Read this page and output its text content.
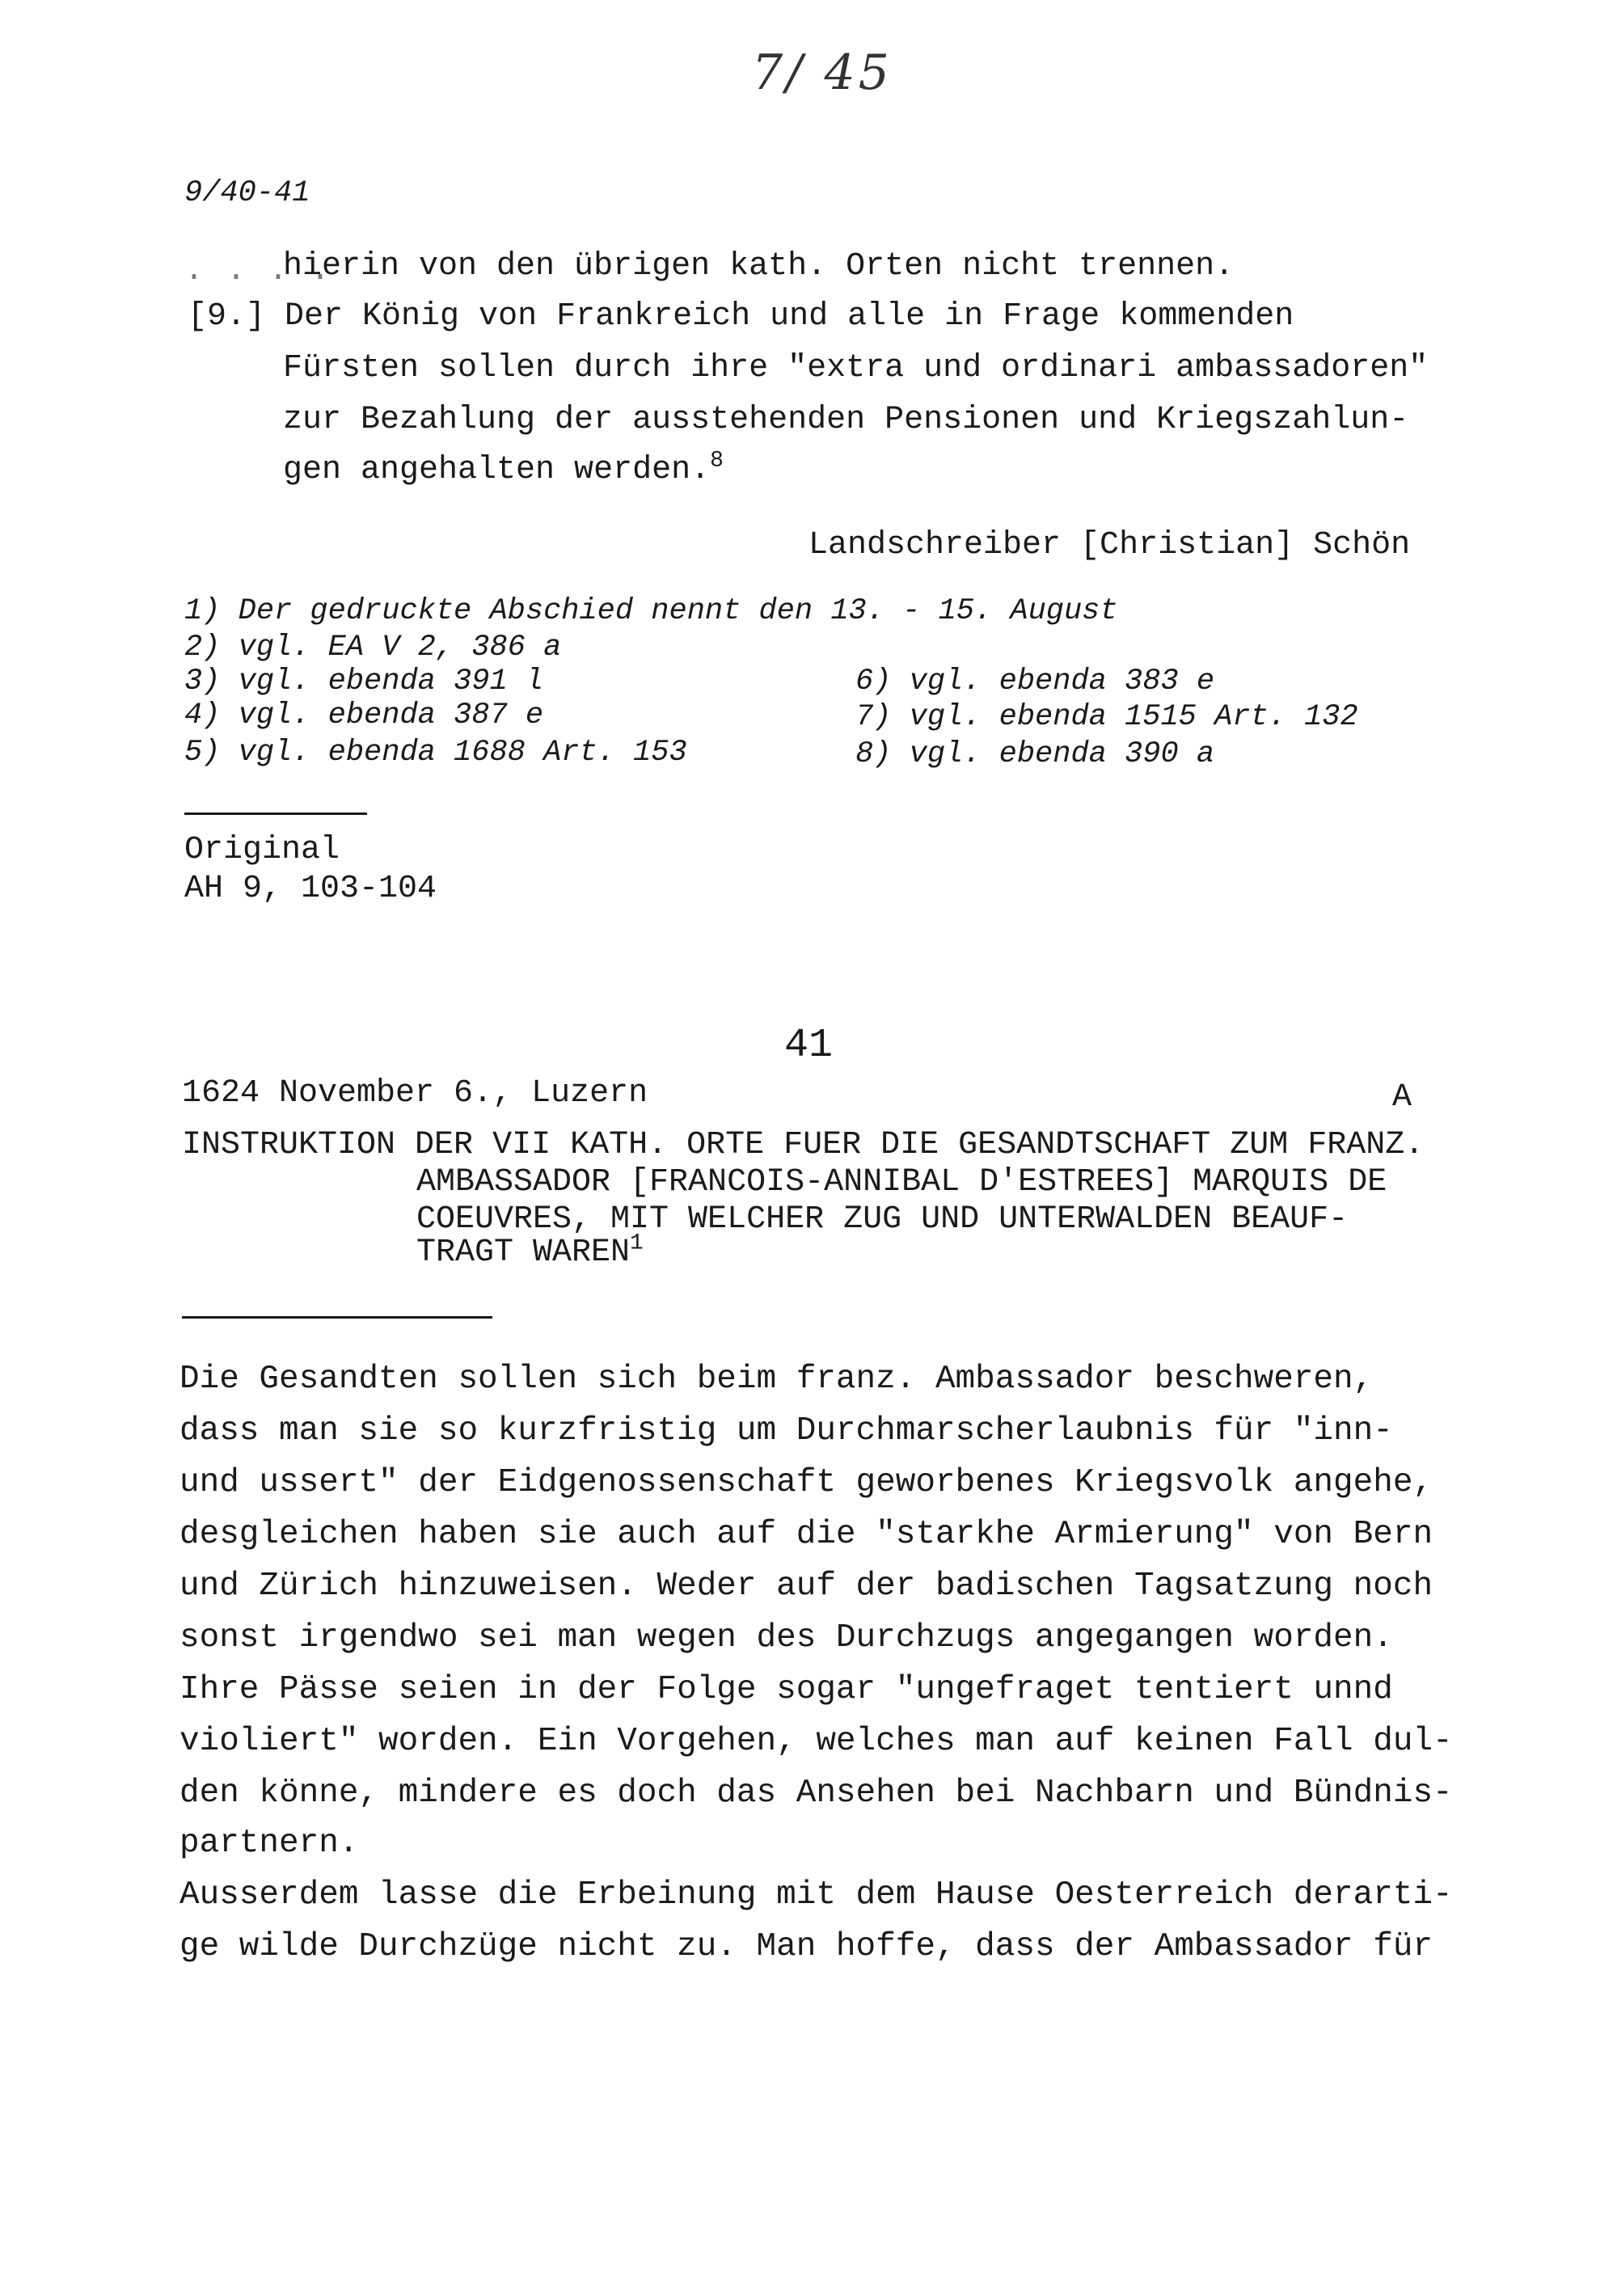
7/ 45
9/40-41
. . . .
hierin von den übrigen kath. Orten nicht trennen.
[9.] Der König von Frankreich und alle in Frage kommenden
Fürsten sollen durch ihre "extra und ordinari ambassadoren"
zur Bezahlung der ausstehenden Pensionen und Kriegszahlun-
gen angehalten werden.$^8$
Landschreiber [Christian] Schön
1) Der gedruckte Abschied nennt den 13. - 15. August
2) vgl. EA V 2, 386 a
3) vgl. ebenda 391 l
4) vgl. ebenda 387 e
5) vgl. ebenda 1688 Art. 153
6) vgl. ebenda 383 e
7) vgl. ebenda 1515 Art. 132
8) vgl. ebenda 390 a
Original
AH 9, 103-104
41
1624 November 6., Luzern	A
INSTRUKTION DER VII KATH. ORTE FUER DIE GESANDTSCHAFT ZUM FRANZ.
AMBASSADOR [FRANCOIS-ANNIBAL D'ESTREES] MARQUIS DE
COEUVRES, MIT WELCHER ZUG UND UNTERWALDEN BEAUF-
TRAGT WAREN$^1$
Die Gesandten sollen sich beim franz. Ambassador beschweren,
dass man sie so kurzfristig um Durchmarscherlaubnis für "inn-
und ussert" der Eidgenossenschaft geworbenes Kriegsvolk angehe,
desgleichen haben sie auch auf die "starkhe Armierung" von Bern
und Zürich hinzuweisen. Weder auf der badischen Tagsatzung noch
sonst irgendwo sei man wegen des Durchzugs angegangen worden.
Ihre Pässe seien in der Folge sogar "ungefraget tentiert unnd
violiert" worden. Ein Vorgehen, welches man auf keinen Fall dul-
den könne, mindere es doch das Ansehen bei Nachbarn und Bündnis-
partnern.
Ausserdem lasse die Erbeinung mit dem Hause Oesterreich derarti-
ge wilde Durchzüge nicht zu. Man hoffe, dass der Ambassador für
